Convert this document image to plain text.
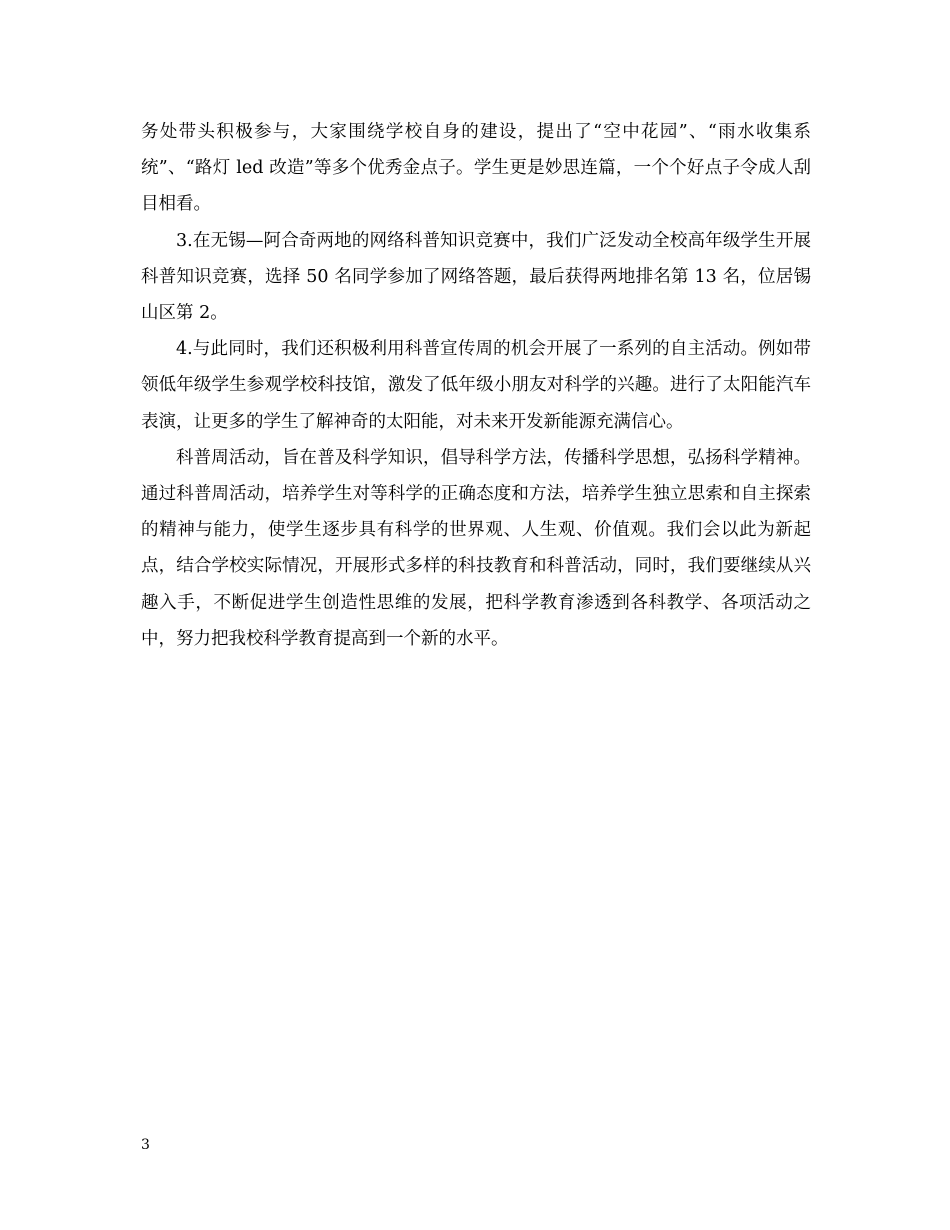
务处带头积极参与，大家围绕学校自身的建设，提出了“空中花园”、“雨水收集系统”、“路灯 led 改造”等多个优秀金点子。学生更是妙思连篇，一个个好点子令成人刮目相看。

3.在无锡—阿合奇两地的网络科普知识竞赛中，我们广泛发动全校高年级学生开展科普知识竞赛，选择 50 名同学参加了网络答题，最后获得两地排名第 13 名，位居锡山区第 2。

4.与此同时，我们还积极利用科普宣传周的机会开展了一系列的自主活动。例如带领低年级学生参观学校科技馆，激发了低年级小朋友对科学的兴趣。进行了太阳能汽车表演，让更多的学生了解神奇的太阳能，对未来开发新能源充满信心。

科普周活动，旨在普及科学知识，倡导科学方法，传播科学思想，弘扬科学精神。通过科普周活动，培养学生对等科学的正确态度和方法，培养学生独立思索和自主探索的精神与能力，使学生逐步具有科学的世界观、人生观、价值观。我们会以此为新起点，结合学校实际情况，开展形式多样的科技教育和科普活动，同时，我们要继续从兴趣入手，不断促进学生创造性思维的发展，把科学教育渗透到各科教学、各项活动之中，努力把我校科学教育提高到一个新的水平。

3
